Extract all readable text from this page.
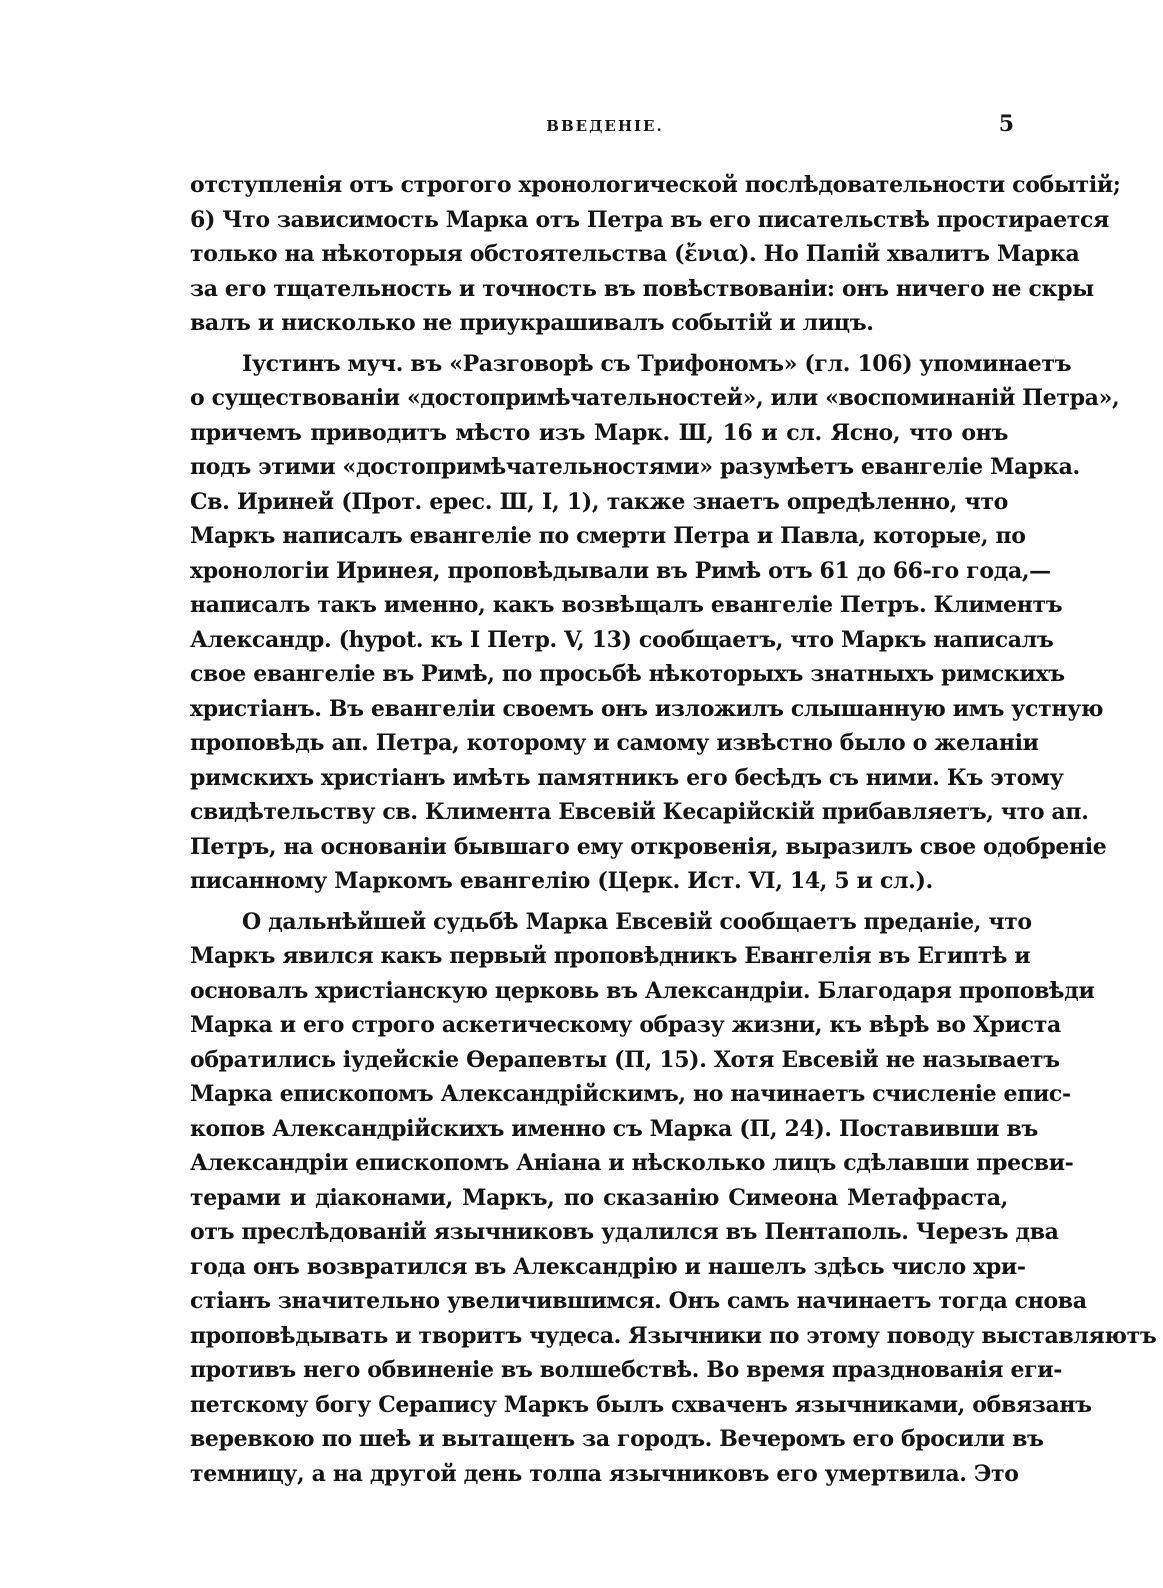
ВВЕДЕНІЕ.	5
отступленія отъ строгого хронологической послѣдовательности событій;
6) Что зависимость Марка отъ Петра въ его писательствѣ простирается
только на нѣкоторыя обстоятельства (ἔνια). Но Папій хвалитъ Марка
за его тщательность и точность въ повѣствованіи: онъ ничего не скры
валъ и нисколько не приукрашивалъ событій и лицъ.
Іустинъ муч. въ «Разговорѣ съ Трифономъ» (гл. 106) упоминаетъ
о существованіи «достопримѣчательностей», или «воспоминаній Петра»,
причемъ приводитъ мѣсто изъ Марк. Ш, 16 и сл. Ясно, что онъ
подъ этими «достопримѣчательностями» разумѣетъ евангеліе Марка.
Св. Ириней (Прот. ерес. Ш, I, 1), также знаетъ опредѣленно, что
Маркъ написалъ евангеліе по смерти Петра и Павла, которые, по
хронологіи Иринея, проповѣдывали въ Римѣ отъ 61 до 66-го года,—
написалъ такъ именно, какъ возвѣщалъ евангеліе Петръ. Климентъ
Александр. (hypot. къ I Петр. V, 13) сообщаетъ, что Маркъ написалъ
свое евангеліе въ Римѣ, по просьбѣ нѣкоторыхъ знатныхъ римскихъ
христіанъ. Въ евангеліи своемъ онъ изложилъ слышанную имъ устную
проповѣдь ап. Петра, которому и самому извѣстно было о желаніи
римскихъ христіанъ имѣть памятникъ его бесѣдъ съ ними. Къ этому
свидѣтельству св. Климента Евсевій Кесарійскій прибавляетъ, что ап.
Петръ, на основаніи бывшаго ему откровенія, выразилъ свое одобреніе
писанному Маркомъ евангелію (Церк. Ист. VI, 14, 5 и сл.).
О дальнѣйшей судьбѣ Марка Евсевій сообщаетъ преданіе, что
Маркъ явился какъ первый проповѣдникъ Евангелія въ Египтѣ и
основалъ христіанскую церковь въ Александріи. Благодаря проповѣди
Марка и его строго аскетическому образу жизни, къ вѣрѣ во Христа
обратились іудейскіе Ѳерапевты (П, 15). Хотя Евсевій не называетъ
Марка епископомъ Александрійскимъ, но начинаетъ счисленіе епис-
копов Александрійскихъ именно съ Марка (П, 24). Поставивши въ
Александріи епископомъ Аніана и нѣсколько лицъ сдѣлавши пресви-
терами и діаконами, Маркъ, по сказанію Симеона Метафраста,
отъ преслѣдованій язычниковъ удалился въ Пентаполь. Черезъ два
года онъ возвратился въ Александрію и нашелъ здѣсь число хри-
стіанъ значительно увеличившимся. Онъ самъ начинаетъ тогда снова
проповѣдывать и творитъ чудеса. Язычники по этому поводу выставляютъ
противъ него обвиненіе въ волшебствѣ. Во время празднованія еги-
петскому богу Серапису Маркъ былъ схваченъ язычниками, обвязанъ
веревкою по шеѣ и вытащенъ за городъ. Вечеромъ его бросили въ
темницу, а на другой день толпа язычниковъ его умертвила. Это
